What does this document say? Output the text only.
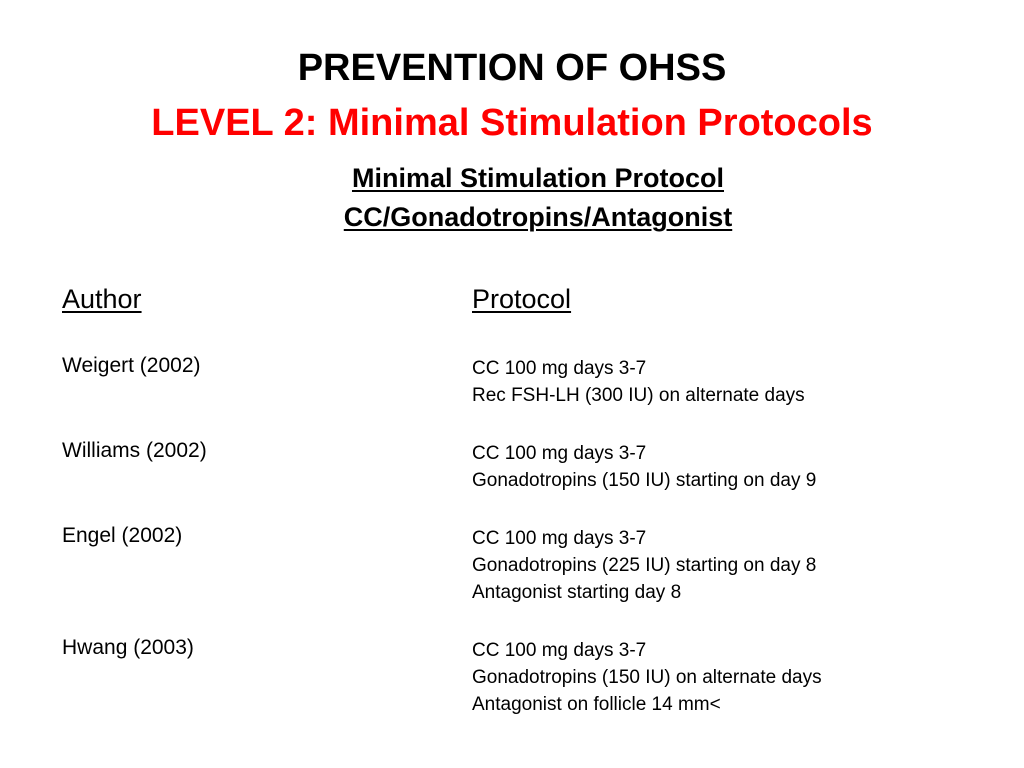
PREVENTION OF OHSS
LEVEL 2: Minimal Stimulation Protocols
Minimal Stimulation Protocol
CC/Gonadotropins/Antagonist
Author	Protocol
Weigert (2002)	CC 100 mg days 3-7
Rec FSH-LH (300 IU) on alternate days
Williams (2002)	CC 100 mg days 3-7
Gonadotropins (150 IU) starting on day 9
Engel (2002)	CC 100 mg days 3-7
Gonadotropins (225 IU) starting on day 8
Antagonist starting day 8
Hwang (2003)	CC 100 mg days 3-7
Gonadotropins (150 IU) on alternate days
Antagonist on follicle 14 mm<
